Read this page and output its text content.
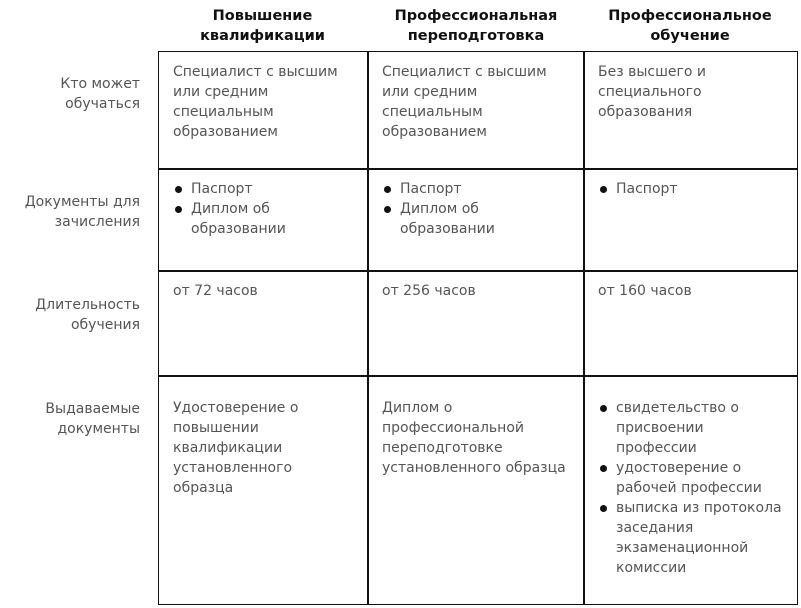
Повышение квалификации
Профессиональная переподготовка
Профессиональное обучение
Кто может обучаться
Документы для зачисления
Длительность обучения
Выдаваемые документы
Специалист с высшим или средним специальным образованием
Специалист с высшим или средним специальным образованием
Без высшего и специального образования
Паспорт
Диплом об образовании
Паспорт
Диплом об образовании
Паспорт
от 72 часов	от 256 часов	от 160 часов
Удостоверение о повышении квалификации установленного образца
Диплом о профессиональной переподготовке установленного образца
свидетельство о присвоении профессии
удостоверение о рабочей профессии
выписка из протокола заседания экзаменационной комиссии
